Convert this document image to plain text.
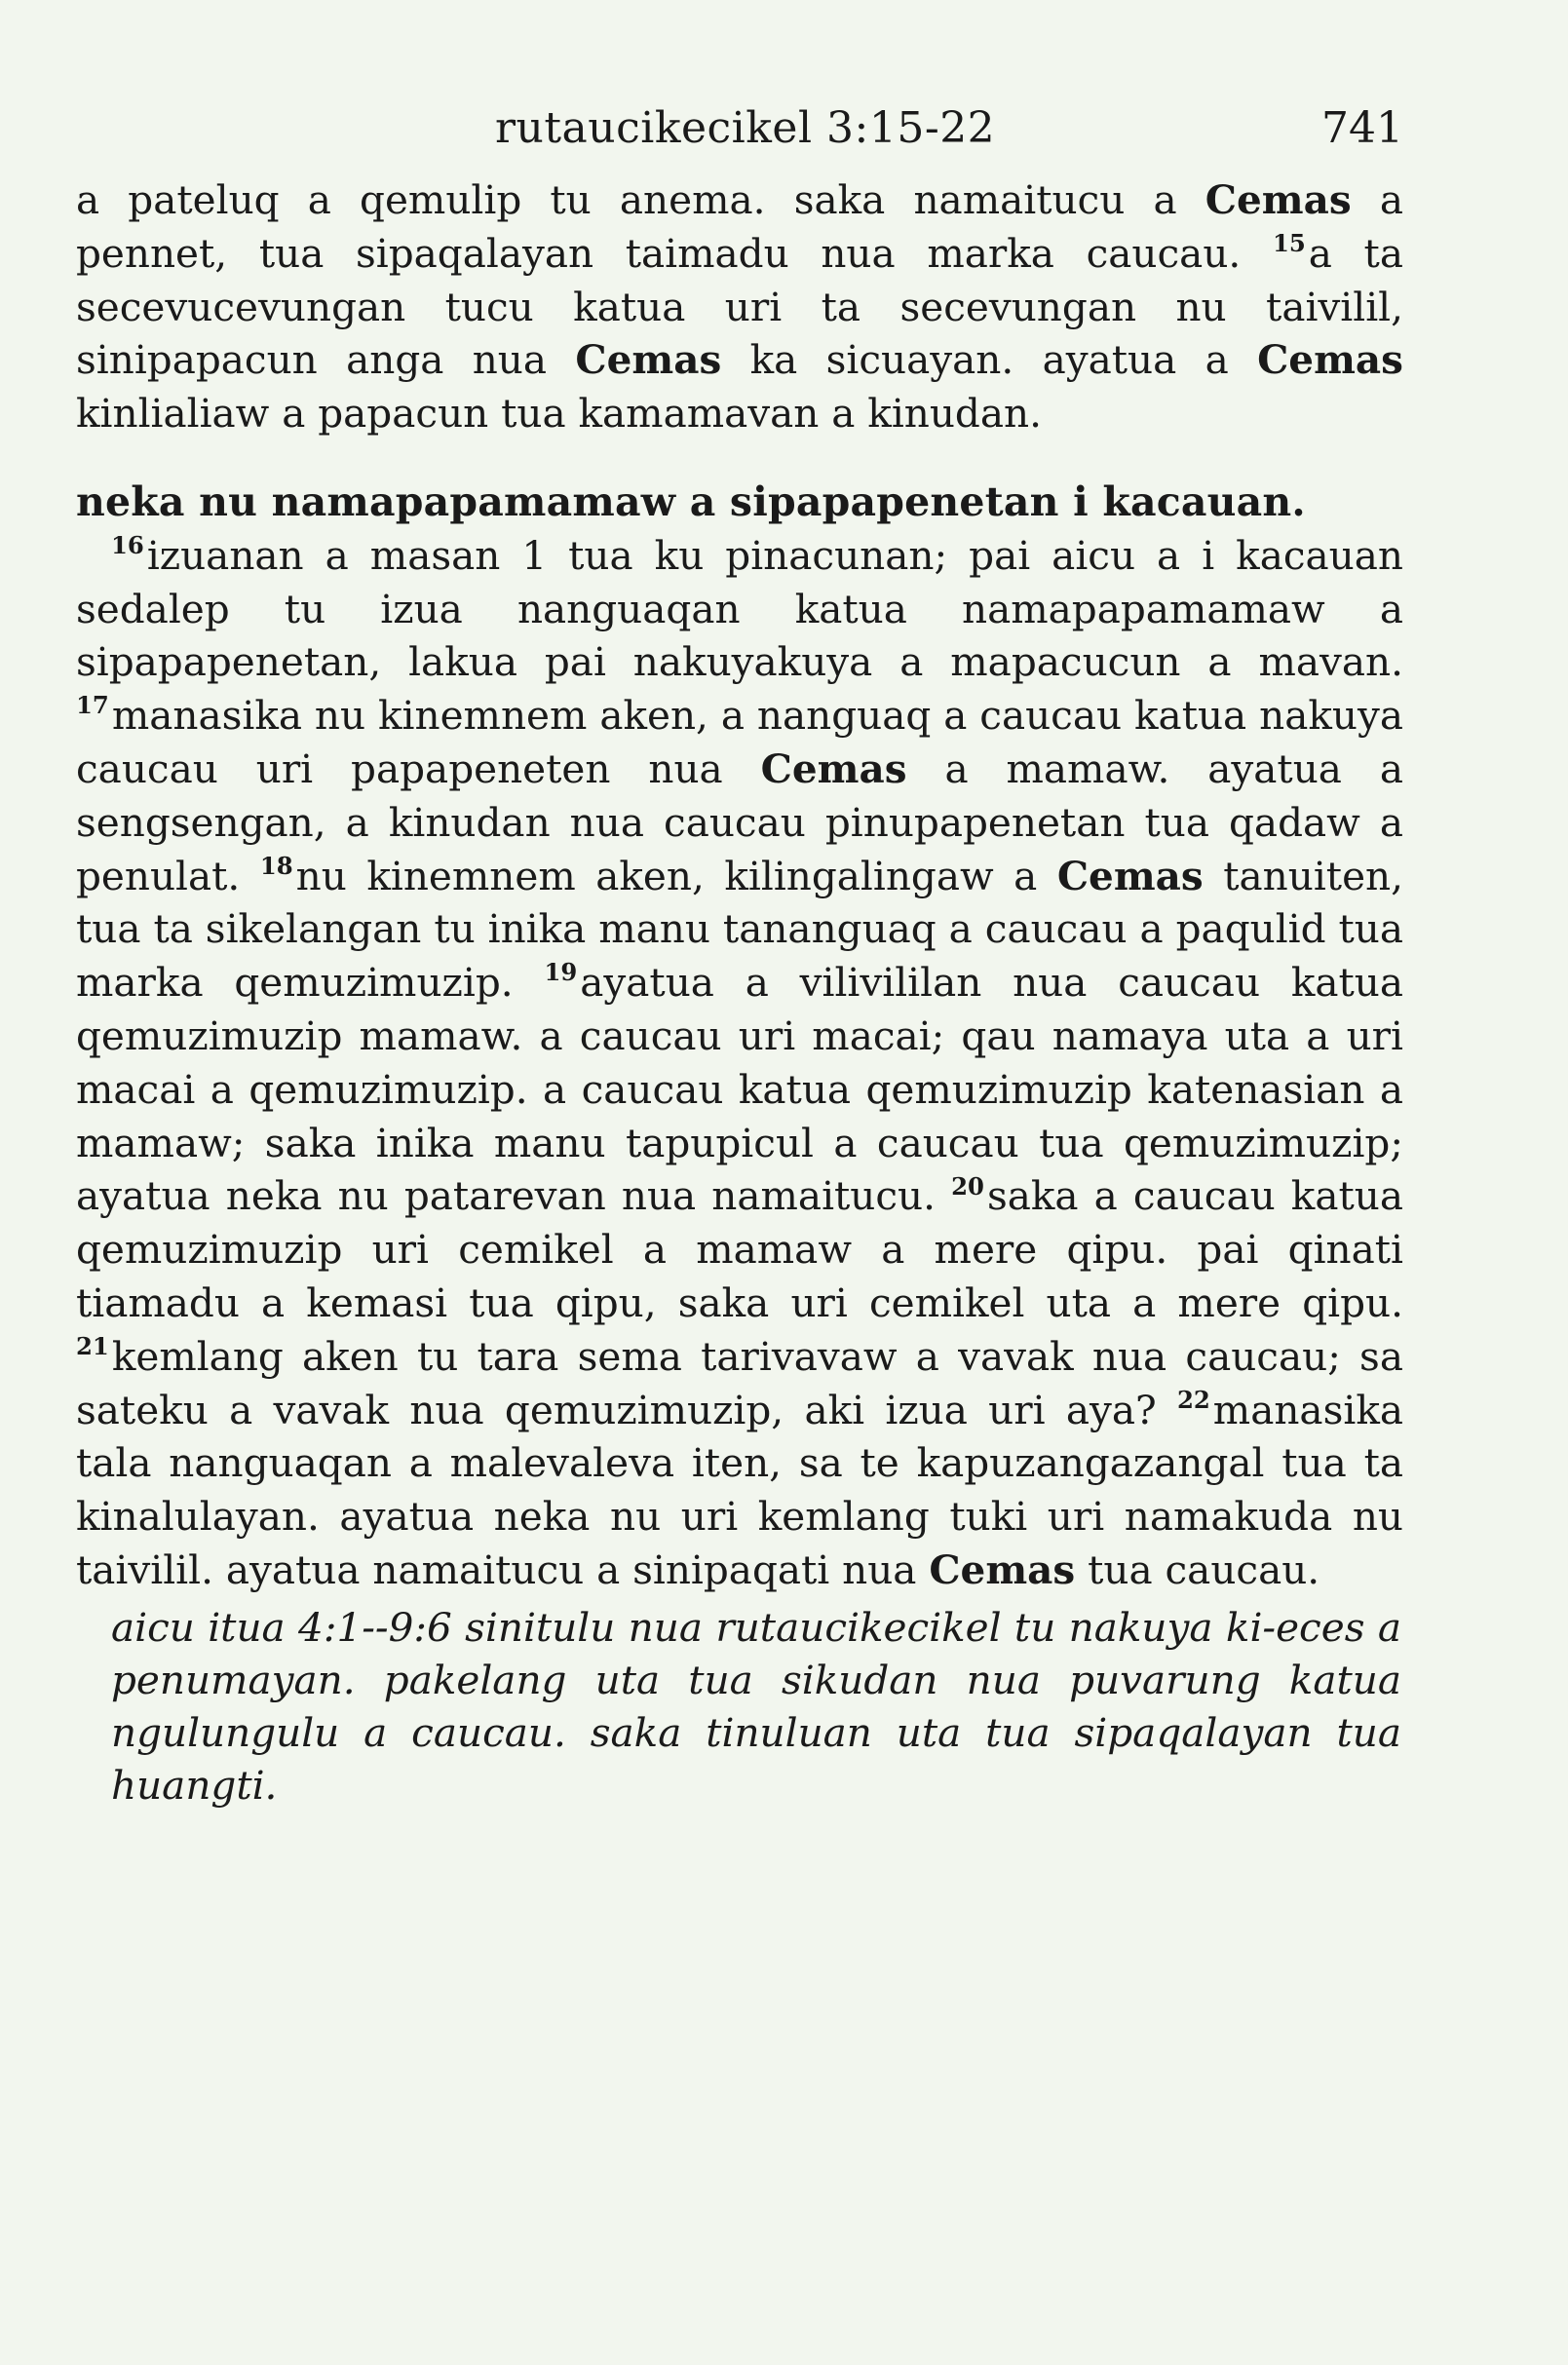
rutaucikecikel 3:15-22	741

a pateluq a qemulip tu anema. saka namaitucu a Cemas a pennet, tua sipaqalayan taimadu nua marka caucau. $^{15}$a ta secevucevungan tucu katua uri ta secevungan nu taivilil, sinipapacun anga nua Cemas ka sicuayan. ayatua a Cemas kinlialiaw a papacun tua kamamavan a kinudan.

neka nu namapapamamaw a sipapapenetan i kacauan.

$^{16}$izuanan a masan 1 tua ku pinacunan; pai aicu a i kacauan sedalep tu izua nanguaqan katua namapapamamaw a sipapapenetan, lakua pai nakuyakuya a mapacucun a mavan. $^{17}$manasika nu kinemnem aken, a nanguaq a caucau katua nakuya caucau uri papapeneten nua Cemas a mamaw. ayatua a sengsengan, a kinudan nua caucau pinupapenetan tua qadaw a penulat. $^{18}$nu kinemnem aken, kilingalingaw a Cemas tanuiten, tua ta sikelangan tu inika manu tananguaq a caucau a paqulid tua marka qemuzimuzip. $^{19}$ayatua a vilivililan nua caucau katua qemuzimuzip mamaw. a caucau uri macai; qau namaya uta a uri macai a qemuzimuzip. a caucau katua qemuzimuzip katenasian a mamaw; saka inika manu tapupicul a caucau tua qemuzimuzip; ayatua neka nu patarevan nua namaitucu. $^{20}$saka a caucau katua qemuzimuzip uri cemikel a mamaw a mere qipu. pai qinati tiamadu a kemasi tua qipu, saka uri cemikel uta a mere qipu. $^{21}$kemlang aken tu tara sema tarivavaw a vavak nua caucau; sa sateku a vavak nua qemuzimuzip, aki izua uri aya? $^{22}$manasika tala nanguaqan a malevaleva iten, sa te kapuzangazangal tua ta kinalulayan. ayatua neka nu uri kemlang tuki uri namakuda nu taivilil. ayatua namaitucu a sinipaqati nua Cemas tua caucau.

aicu itua 4:1--9:6 sinitulu nua rutaucikecikel tu nakuya ki-eces a penumayan. pakelang uta tua sikudan nua puvarung katua ngulungulu a caucau. saka tinuluan uta tua sipaqalayan tua huangti.
